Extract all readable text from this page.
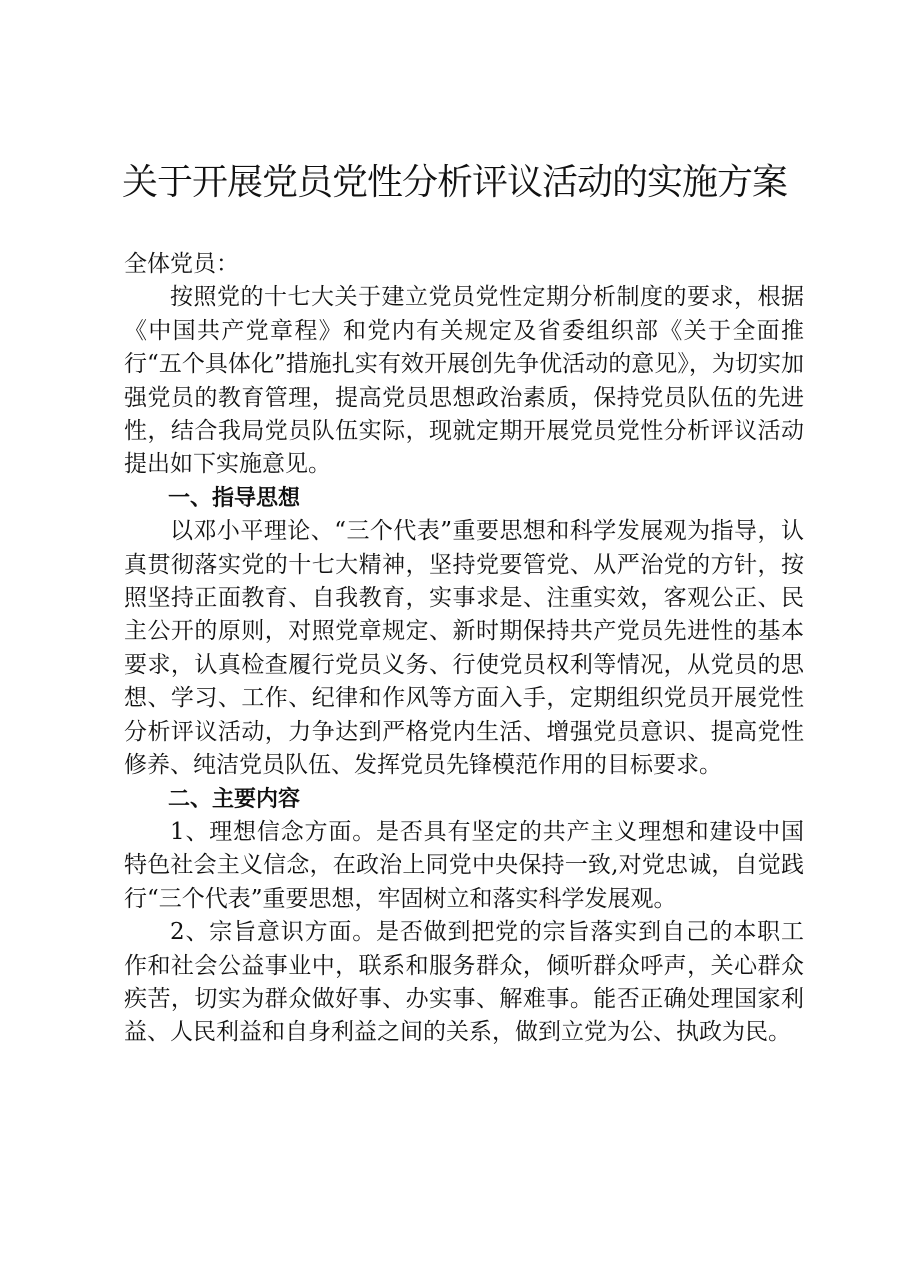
关于开展党员党性分析评议活动的实施方案

全体党员：

按照党的十七大关于建立党员党性定期分析制度的要求，根据《中国共产党章程》和党内有关规定及省委组织部《关于全面推行“五个具体化”措施扎实有效开展创先争优活动的意见》，为切实加强党员的教育管理，提高党员思想政治素质，保持党员队伍的先进性，结合我局党员队伍实际，现就定期开展党员党性分析评议活动提出如下实施意见。

一、指导思想

以邓小平理论、“三个代表”重要思想和科学发展观为指导，认真贯彻落实党的十七大精神，坚持党要管党、从严治党的方针，按照坚持正面教育、自我教育，实事求是、注重实效，客观公正、民主公开的原则，对照党章规定、新时期保持共产党员先进性的基本要求，认真检查履行党员义务、行使党员权利等情况，从党员的思想、学习、工作、纪律和作风等方面入手，定期组织党员开展党性分析评议活动，力争达到严格党内生活、增强党员意识、提高党性修养、纯洁党员队伍、发挥党员先锋模范作用的目标要求。

二、主要内容

1、理想信念方面。是否具有坚定的共产主义理想和建设中国特色社会主义信念，在政治上同党中央保持一致,对党忠诚，自觉践行“三个代表”重要思想，牢固树立和落实科学发展观。

2、宗旨意识方面。是否做到把党的宗旨落实到自己的本职工作和社会公益事业中，联系和服务群众，倾听群众呼声，关心群众疾苦，切实为群众做好事、办实事、解难事。能否正确处理国家利益、人民利益和自身利益之间的关系，做到立党为公、执政为民。
